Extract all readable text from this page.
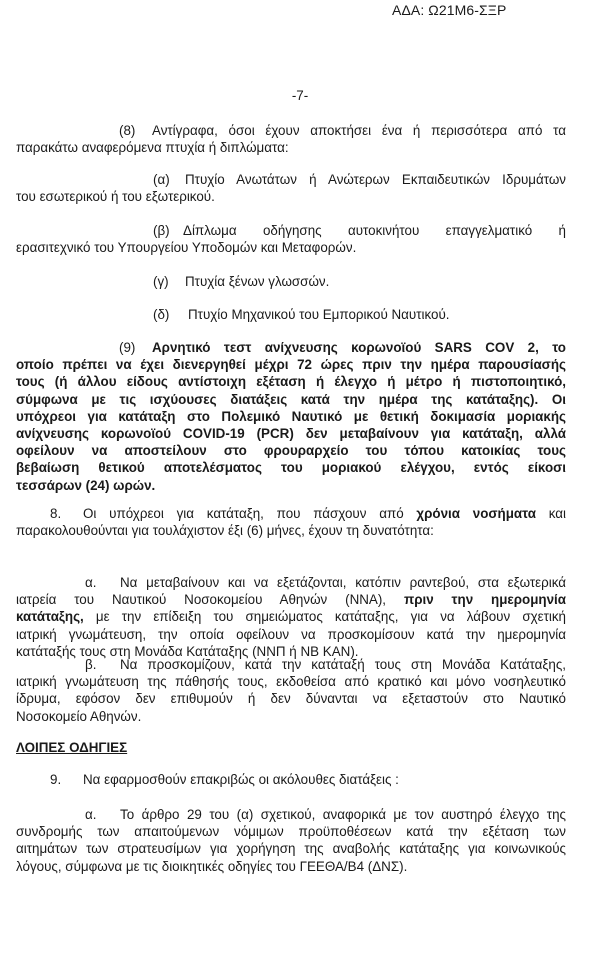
ΑΔΑ: Ω21Μ6-ΣΞΡ
-7-
(8) Αντίγραφα, όσοι έχουν αποκτήσει ένα ή περισσότερα από τα
παρακάτω αναφερόμενα πτυχία ή διπλώματα:
(α) Πτυχίο Ανωτάτων ή Ανώτερων Εκπαιδευτικών Ιδρυμάτων
του εσωτερικού ή του εξωτερικού.
(β) Δίπλωμα οδήγησης αυτοκινήτου επαγγελματικό ή
ερασιτεχνικό του Υπουργείου Υποδομών και Μεταφορών.
(γ) Πτυχία ξένων γλωσσών.
(δ) Πτυχίο Μηχανικού του Εμπορικού Ναυτικού.
(9) Αρνητικό τεστ ανίχνευσης κορωνοϊού SARS COV 2, το
οποίο πρέπει να έχει διενεργηθεί μέχρι 72 ώρες πριν την ημέρα παρουσίασής
τους (ή άλλου είδους αντίστοιχη εξέταση ή έλεγχο ή μέτρο ή πιστοποιητικό,
σύμφωνα με τις ισχύουσες διατάξεις κατά την ημέρα της κατάταξης). Οι
υπόχρεοι για κατάταξη στο Πολεμικό Ναυτικό με θετική δοκιμασία μοριακής
ανίχνευσης κορωνοϊού COVID-19 (PCR) δεν μεταβαίνουν για κατάταξη, αλλά
οφείλουν να αποστείλουν στο φρουραρχείο του τόπου κατοικίας τους
βεβαίωση θετικού αποτελέσματος του μοριακού ελέγχου, εντός είκοσι
τεσσάρων (24) ωρών.
8. Οι υπόχρεοι για κατάταξη, που πάσχουν από χρόνια νοσήματα και
παρακολουθούνται για τουλάχιστον έξι (6) μήνες, έχουν τη δυνατότητα:
α. Να μεταβαίνουν και να εξετάζονται, κατόπιν ραντεβού, στα εξωτερικά
ιατρεία του Ναυτικού Νοσοκομείου Αθηνών (ΝΝΑ), πριν την ημερομηνία
κατάταξης, με την επίδειξη του σημειώματος κατάταξης, για να λάβουν σχετική
ιατρική γνωμάτευση, την οποία οφείλουν να προσκομίσουν κατά την ημερομηνία
κατάταξής τους στη Μονάδα Κατάταξης (ΝΝΠ ή ΝΒ ΚΑΝ).
β. Να προσκομίζουν, κατά την κατάταξή τους στη Μονάδα Κατάταξης,
ιατρική γνωμάτευση της πάθησής τους, εκδοθείσα από κρατικό και μόνο νοσηλευτικό
ίδρυμα, εφόσον δεν επιθυμούν ή δεν δύνανται να εξεταστούν στο Ναυτικό
Νοσοκομείο Αθηνών.
ΛΟΙΠΕΣ ΟΔΗΓΙΕΣ
9. Να εφαρμοσθούν επακριβώς οι ακόλουθες διατάξεις :
α. Το άρθρο 29 του (α) σχετικού, αναφορικά με τον αυστηρό έλεγχο της
συνδρομής των απαιτούμενων νόμιμων προϋποθέσεων κατά την εξέταση των
αιτημάτων των στρατευσίμων για χορήγηση της αναβολής κατάταξης για κοινωνικούς
λόγους, σύμφωνα με τις διοικητικές οδηγίες του ΓΕΕΘΑ/Β4 (ΔΝΣ).
